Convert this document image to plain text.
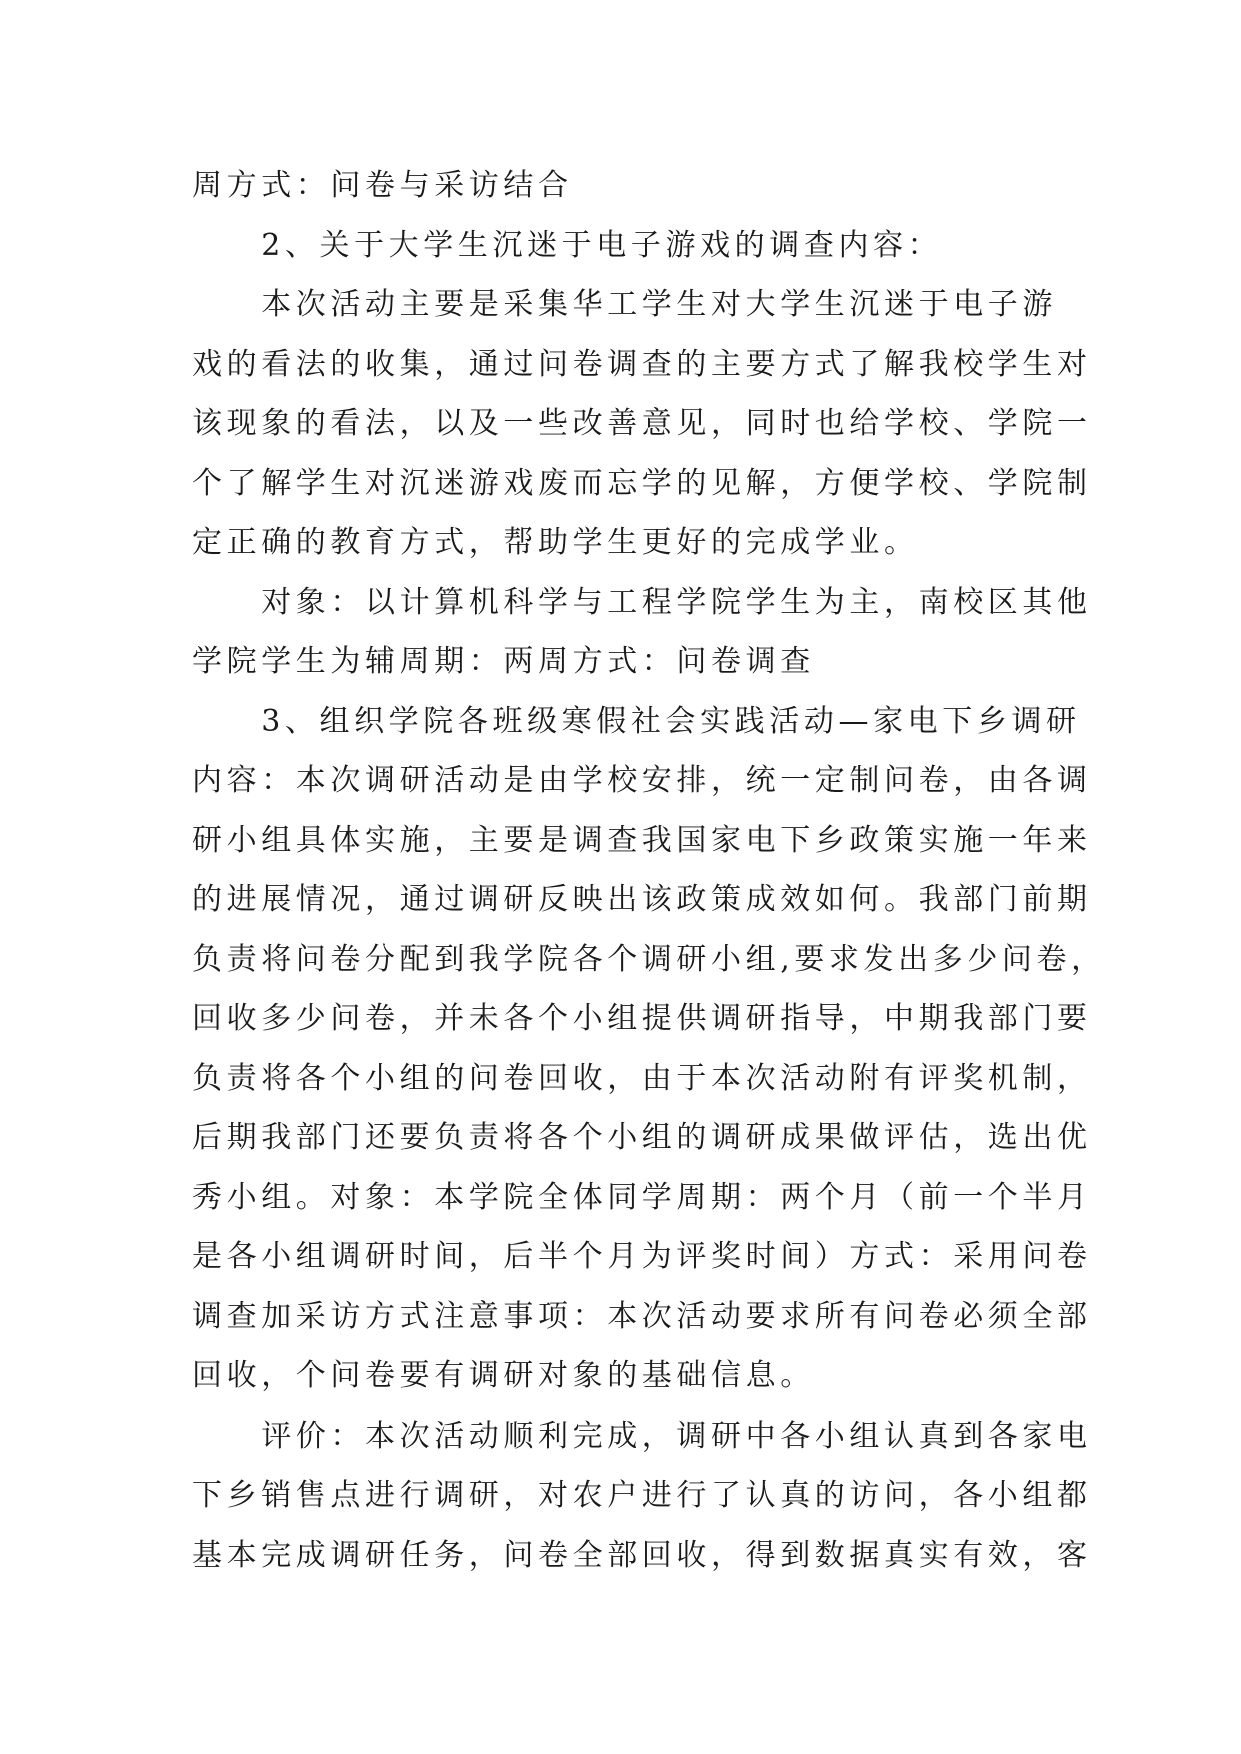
周方式：问卷与采访结合
　　2、关于大学生沉迷于电子游戏的调查内容：
　　本次活动主要是采集华工学生对大学生沉迷于电子游
戏的看法的收集，通过问卷调查的主要方式了解我校学生对
该现象的看法，以及一些改善意见，同时也给学校、学院一
个了解学生对沉迷游戏废而忘学的见解，方便学校、学院制
定正确的教育方式，帮助学生更好的完成学业。
　　对象：以计算机科学与工程学院学生为主，南校区其他
学院学生为辅周期：两周方式：问卷调查
　　3、组织学院各班级寒假社会实践活动—家电下乡调研
内容：本次调研活动是由学校安排，统一定制问卷，由各调
研小组具体实施，主要是调查我国家电下乡政策实施一年来
的进展情况，通过调研反映出该政策成效如何。我部门前期
负责将问卷分配到我学院各个调研小组,要求发出多少问卷，
回收多少问卷，并未各个小组提供调研指导，中期我部门要
负责将各个小组的问卷回收，由于本次活动附有评奖机制，
后期我部门还要负责将各个小组的调研成果做评估，选出优
秀小组。对象：本学院全体同学周期：两个月（前一个半月
是各小组调研时间，后半个月为评奖时间）方式：采用问卷
调查加采访方式注意事项：本次活动要求所有问卷必须全部
回收，个问卷要有调研对象的基础信息。
　　评价：本次活动顺利完成，调研中各小组认真到各家电
下乡销售点进行调研，对农户进行了认真的访问，各小组都
基本完成调研任务，问卷全部回收，得到数据真实有效，客
